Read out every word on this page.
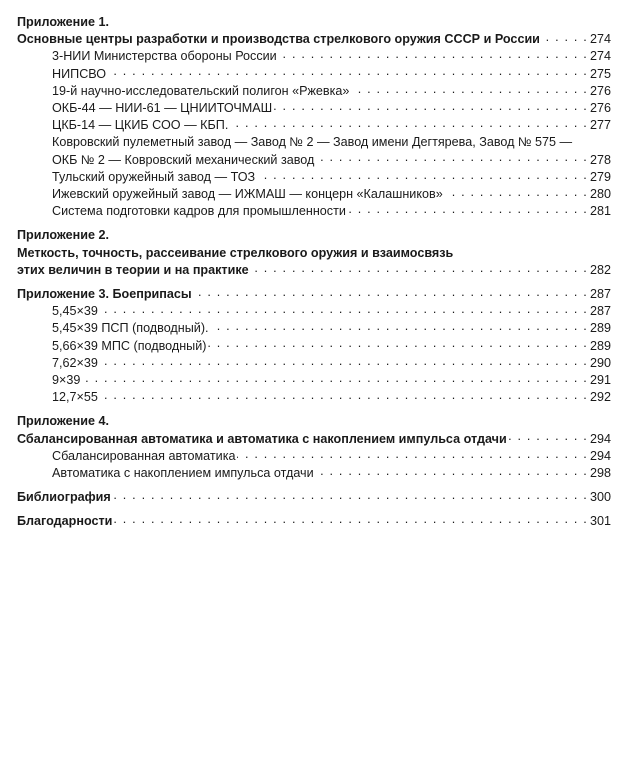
Приложение 1.
Основные центры разработки и производства стрелкового оружия СССР и России . . .	274
3-НИИ Министерства обороны России . . .	274
НИПСВО . . .	275
19-й научно-исследовательский полигон «Ржевка» . . .	276
ОКБ-44 — НИИ-61 — ЦНИИТОЧМАШ . . .	276
ЦКБ-14 — ЦКИБ СОО — КБП. . . .	277
Ковровский пулеметный завод — Завод № 2 — Завод имени Дегтярева, Завод № 575 —
ОКБ № 2 — Ковровский механический завод . . .	278
Тульский оружейный завод — ТОЗ . . .	279
Ижевский оружейный завод — ИЖМАШ — концерн «Калашников» . . .	280
Система подготовки кадров для промышленности . . .	281
Приложение 2.
Меткость, точность, рассеивание стрелкового оружия и взаимосвязь
этих величин в теории и на практике . . .	282
Приложение 3. Боеприпасы . . .	287
5,45×39 . . .	287
5,45×39 ПСП (подводный). . . .	289
5,66×39 МПС (подводный) . . .	289
7,62×39 . . .	290
9×39 . . .	291
12,7×55 . . .	292
Приложение 4.
Сбалансированная автоматика и автоматика с накоплением импульса отдачи . . .	294
Сбалансированная автоматика . . .	294
Автоматика с накоплением импульса отдачи . . .	298
Библиография . . .	300
Благодарности . . .	301
